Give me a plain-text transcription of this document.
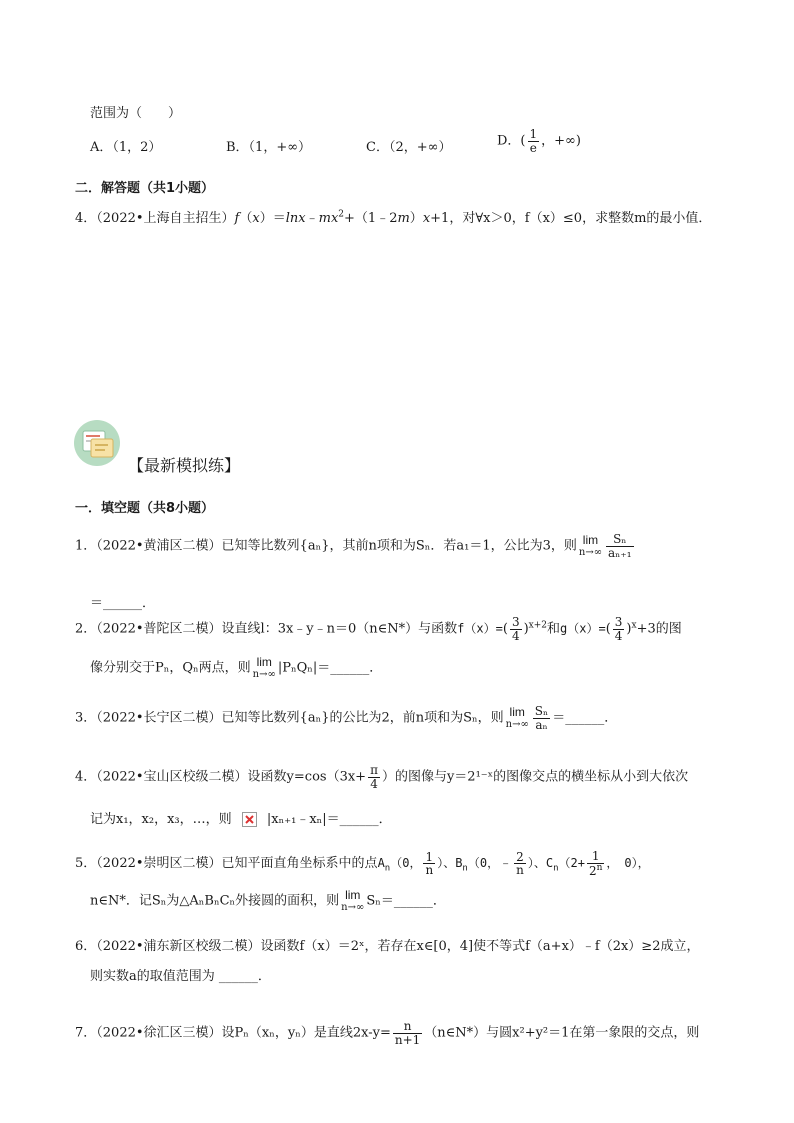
范围为（　　）
A．（1，2）	B．（1，+∞）	C．（2，+∞）	D．( $\frac{1}{e}$ ，+∞)
二．解答题（共1小题）
4．（2022•上海自主招生）$f(x)=\ln x﹣mx^2+(1﹣2m)x+1$，对∀x＞0，f（x）≤0，求整数m的最小值．
【最新模拟练】
一．填空题（共8小题）
1．（2022•黄浦区二模）已知等比数列{aₙ}，其前n项和为Sₙ．若a₁＝1，公比为3，则 lim
$n\to\infty \frac{\text{Sₙ}}{\text{aₙ₊₁}}$
＝______．
2．（2022•普陀区二模）设直线l：3x﹣y﹣n＝0（n∈N*）与函数$f(x)=( \frac{3}{4} )^{x+2}$和$g(x)=( \frac{3}{4} )^x+3$的图
像分别交于Pₙ，Qₙ两点，则 lim
n→∞ |PₙQₙ|＝______．
3．（2022•长宁区二模）已知等比数列{aₙ}的公比为2，前n项和为Sₙ，则 lim
$n\to\infty \frac{\text{Sₙ}}{\text{aₙ}}$ ＝______．
4．（2022•宝山区校级二模）设函数$y=\cos(3x+ \frac{\pi}{4}$ ）的图像与y＝2¹⁻ˣ的图像交点的横坐标从小到大依次
记为x₁，x₂，x₃，…，则	|xₙ₊₁﹣xₙ|＝______．
5．（2022•崇明区二模）已知平面直角坐标系中的点$A_n(0$， $\frac{1}{n}$ ）、$B_n(0$，﹣ $\frac{2}{n}$ ）、$C_n(2+ \frac{1}{2^n}$ ，　0），
n∈N*．记Sₙ为△AₙBₙCₙ外接圆的面积，则 lim
n→∞ Sₙ＝______．
6．（2022•浦东新区校级二模）设函数f（x）＝2ˣ，若存在x∈[0，4]使不等式f（a+x）﹣f（2x）≥2成立，
则实数a的取值范围为 ______．
7．（2022•徐汇区三模）设Pₙ（xₙ，yₙ）是直线$2x-y= \frac{n}{n+1}$ （n∈N*）与圆x²+y²＝1在第一象限的交点，则
